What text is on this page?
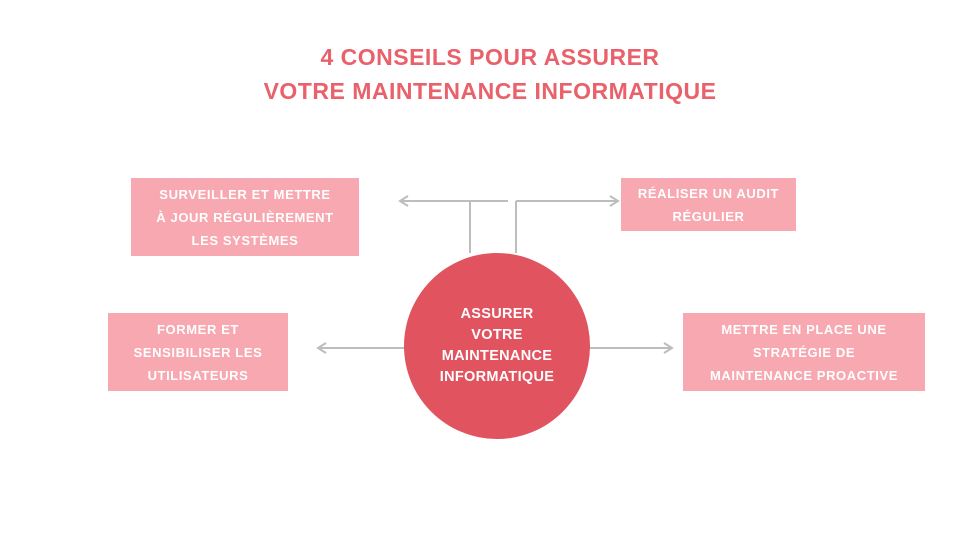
4 CONSEILS POUR ASSURER
VOTRE MAINTENANCE INFORMATIQUE
ASSURER
VOTRE
MAINTENANCE
INFORMATIQUE
SURVEILLER ET METTRE
À JOUR RÉGULIÈREMENT
LES SYSTÈMES
RÉALISER UN AUDIT
RÉGULIER
FORMER ET
SENSIBILISER LES
UTILISATEURS
METTRE EN PLACE UNE
STRATÉGIE DE
MAINTENANCE PROACTIVE
